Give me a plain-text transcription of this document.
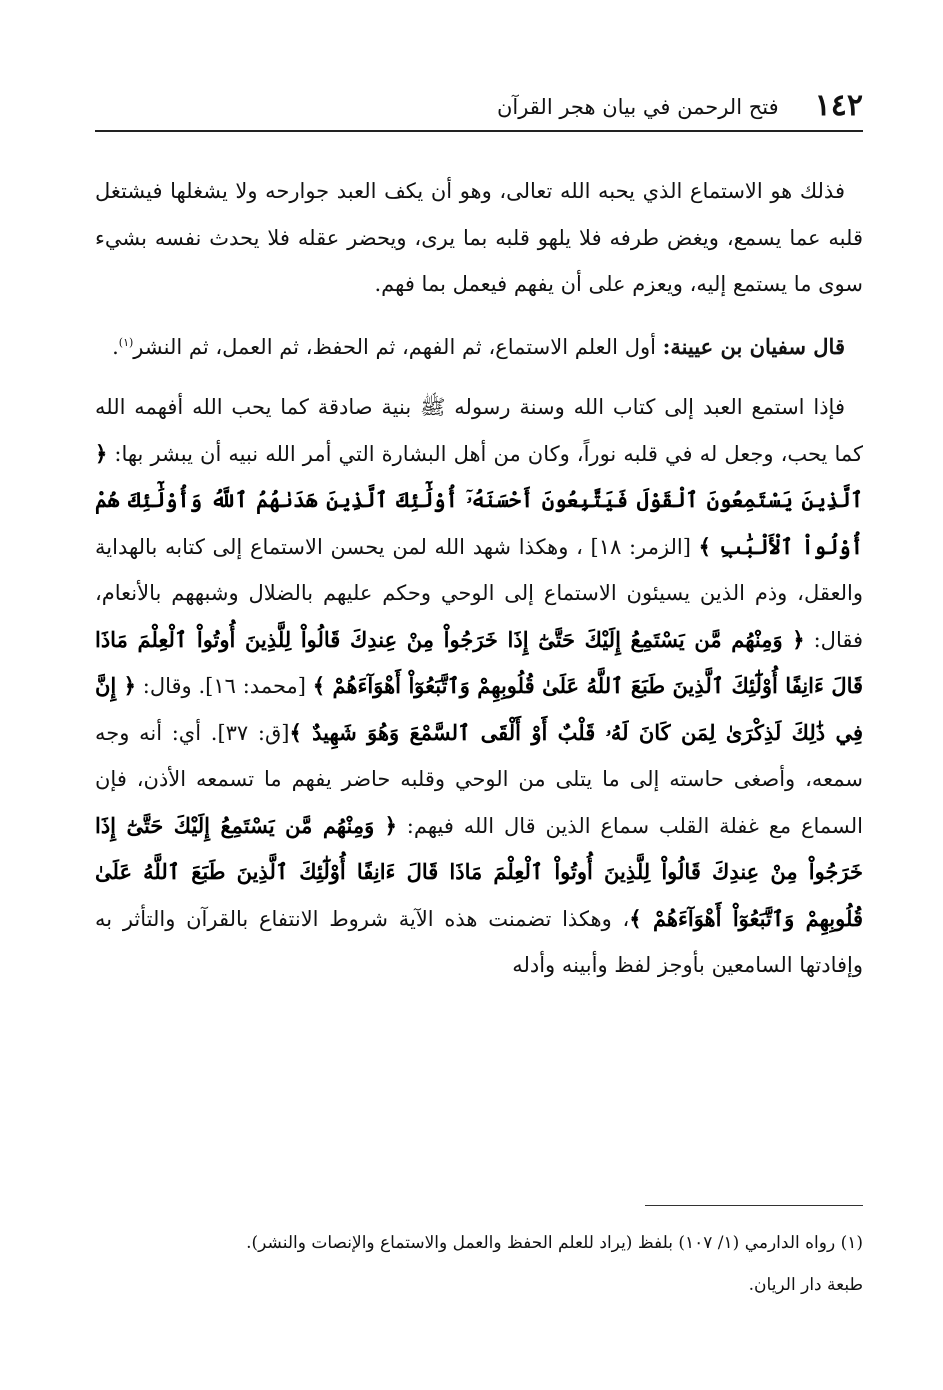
١٤٢
فتح الرحمن في بيان هجر القرآن

فذلك هو الاستماع الذي يحبه الله تعالى، وهو أن يكف العبد جوارحه ولا يشغلها فيشتغل قلبه عما يسمع، ويغض طرفه فلا يلهو قلبه بما يرى، ويحضر عقله فلا يحدث نفسه بشيء سوى ما يستمع إليه، ويعزم على أن يفهم فيعمل بما فهم.

قال سفيان بن عيينة: أول العلم الاستماع، ثم الفهم، ثم الحفظ، ثم العمل، ثم النشر$^{(١)}$.

فإذا استمع العبد إلى كتاب الله وسنة رسوله ﷺ بنية صادقة كما يحب الله أفهمه الله كما يحب، وجعل له في قلبه نوراً، وكان من أهل البشارة التي أمر الله نبيه أن يبشر بها: ﴿ ٱلَّذِينَ يَسْتَمِعُونَ ٱلْقَوْلَ فَيَتَّبِعُونَ أَحْسَنَهُۥٓ أُوْلَٰٓئِكَ ٱلَّذِينَ هَدَىٰهُمُ ٱللَّهُ وَأُوْلَٰٓئِكَ هُمْ أُوْلُواْ ٱلْأَلْبَٰبِ ﴾ [الزمر: ١٨] ، وهكذا شهد الله لمن يحسن الاستماع إلى كتابه بالهداية والعقل، وذم الذين يسيئون الاستماع إلى الوحي وحكم عليهم بالضلال وشبههم بالأنعام، فقال: ﴿ وَمِنْهُم مَّن يَسْتَمِعُ إِلَيْكَ حَتَّىٰٓ إِذَا خَرَجُواْ مِنْ عِندِكَ قَالُواْ لِلَّذِينَ أُوتُواْ ٱلْعِلْمَ مَاذَا قَالَ ءَانِفًا أُوْلَٰٓئِكَ ٱلَّذِينَ طَبَعَ ٱللَّهُ عَلَىٰ قُلُوبِهِمْ وَٱتَّبَعُوٓاْ أَهْوَآءَهُمْ ﴾ [محمد: ١٦]. وقال: ﴿ إِنَّ فِي ذَٰلِكَ لَذِكْرَىٰ لِمَن كَانَ لَهُۥ قَلْبٌ أَوْ أَلْقَى ٱلسَّمْعَ وَهُوَ شَهِيدٌ ﴾[ق: ٣٧]. أي: أنه وجه سمعه، وأصغى حاسته إلى ما يتلى من الوحي وقلبه حاضر يفهم ما تسمعه الأذن، فإن السماع مع غفلة القلب سماع الذين قال الله فيهم: ﴿ وَمِنْهُم مَّن يَسْتَمِعُ إِلَيْكَ حَتَّىٰٓ إِذَا خَرَجُواْ مِنْ عِندِكَ قَالُواْ لِلَّذِينَ أُوتُواْ ٱلْعِلْمَ مَاذَا قَالَ ءَانِفًا أُوْلَٰٓئِكَ ٱلَّذِينَ طَبَعَ ٱللَّهُ عَلَىٰ قُلُوبِهِمْ وَٱتَّبَعُوٓاْ أَهْوَآءَهُمْ ﴾، وهكذا تضمنت هذه الآية شروط الانتفاع بالقرآن والتأثر به وإفادتها السامعين بأوجز لفظ وأبينه وأدله

(١) رواه الدارمي (١/ ١٠٧) بلفظ (يراد للعلم الحفظ والعمل والاستماع والإنصات والنشر).

طبعة دار الريان.
